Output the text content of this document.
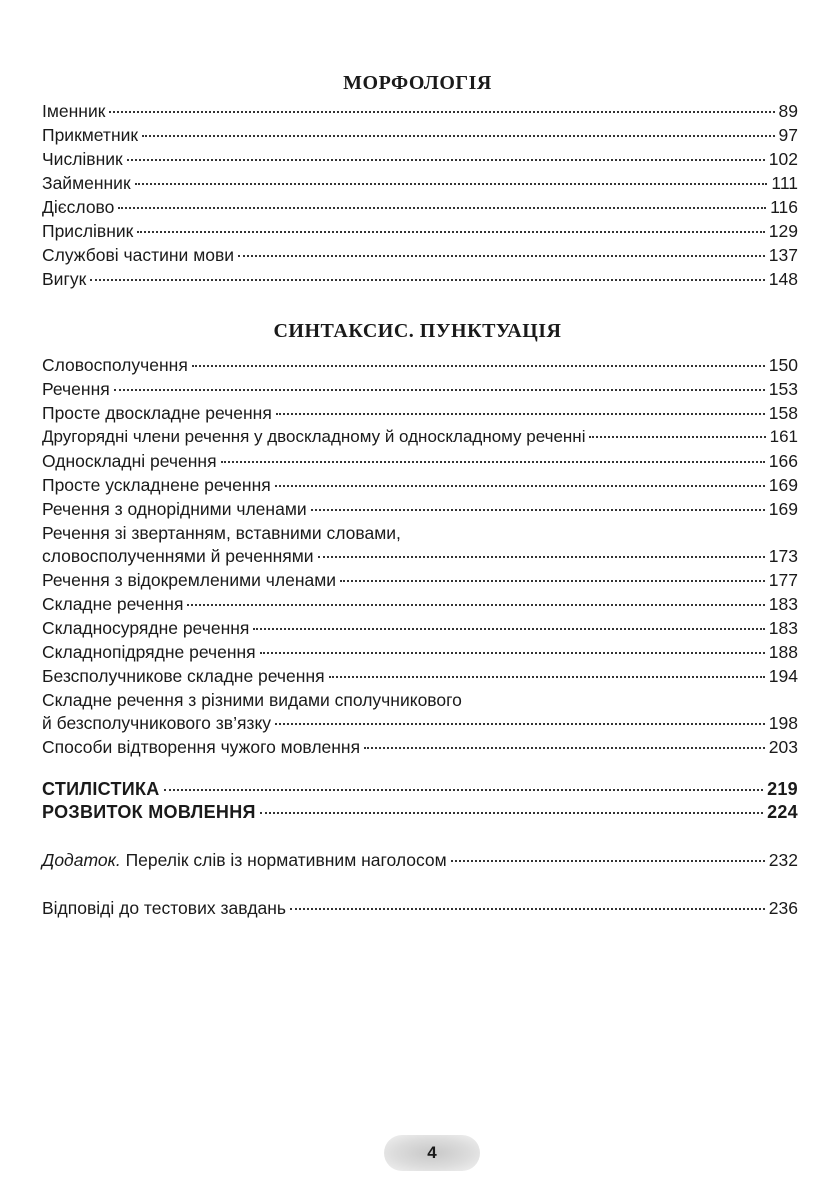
МОРФОЛОГІЯ
Іменник	89
Прикметник	97
Числівник	102
Займенник	111
Дієслово	116
Прислівник	129
Службові частини мови	137
Вигук	148
СИНТАКСИС. ПУНКТУАЦІЯ
Словосполучення	150
Речення	153
Просте двоскладне речення	158
Другорядні члени речення у двоскладному й односкладному реченні	161
Односкладні речення	166
Просте ускладнене речення	169
Речення з однорідними членами	169
Речення зі звертанням, вставними словами,
словосполученнями й реченнями	173
Речення з відокремленими членами	177
Складне речення	183
Складносурядне речення	183
Складнопідрядне речення	188
Безсполучникове складне речення	194
Складне речення з різними видами сполучникового
й безсполучникового зв’язку	198
Способи відтворення чужого мовлення	203
СТИЛІСТИКА	219
РОЗВИТОК МОВЛЕННЯ	224
Додаток. Перелік слів із нормативним наголосом	232
Відповіді до тестових завдань	236
4
